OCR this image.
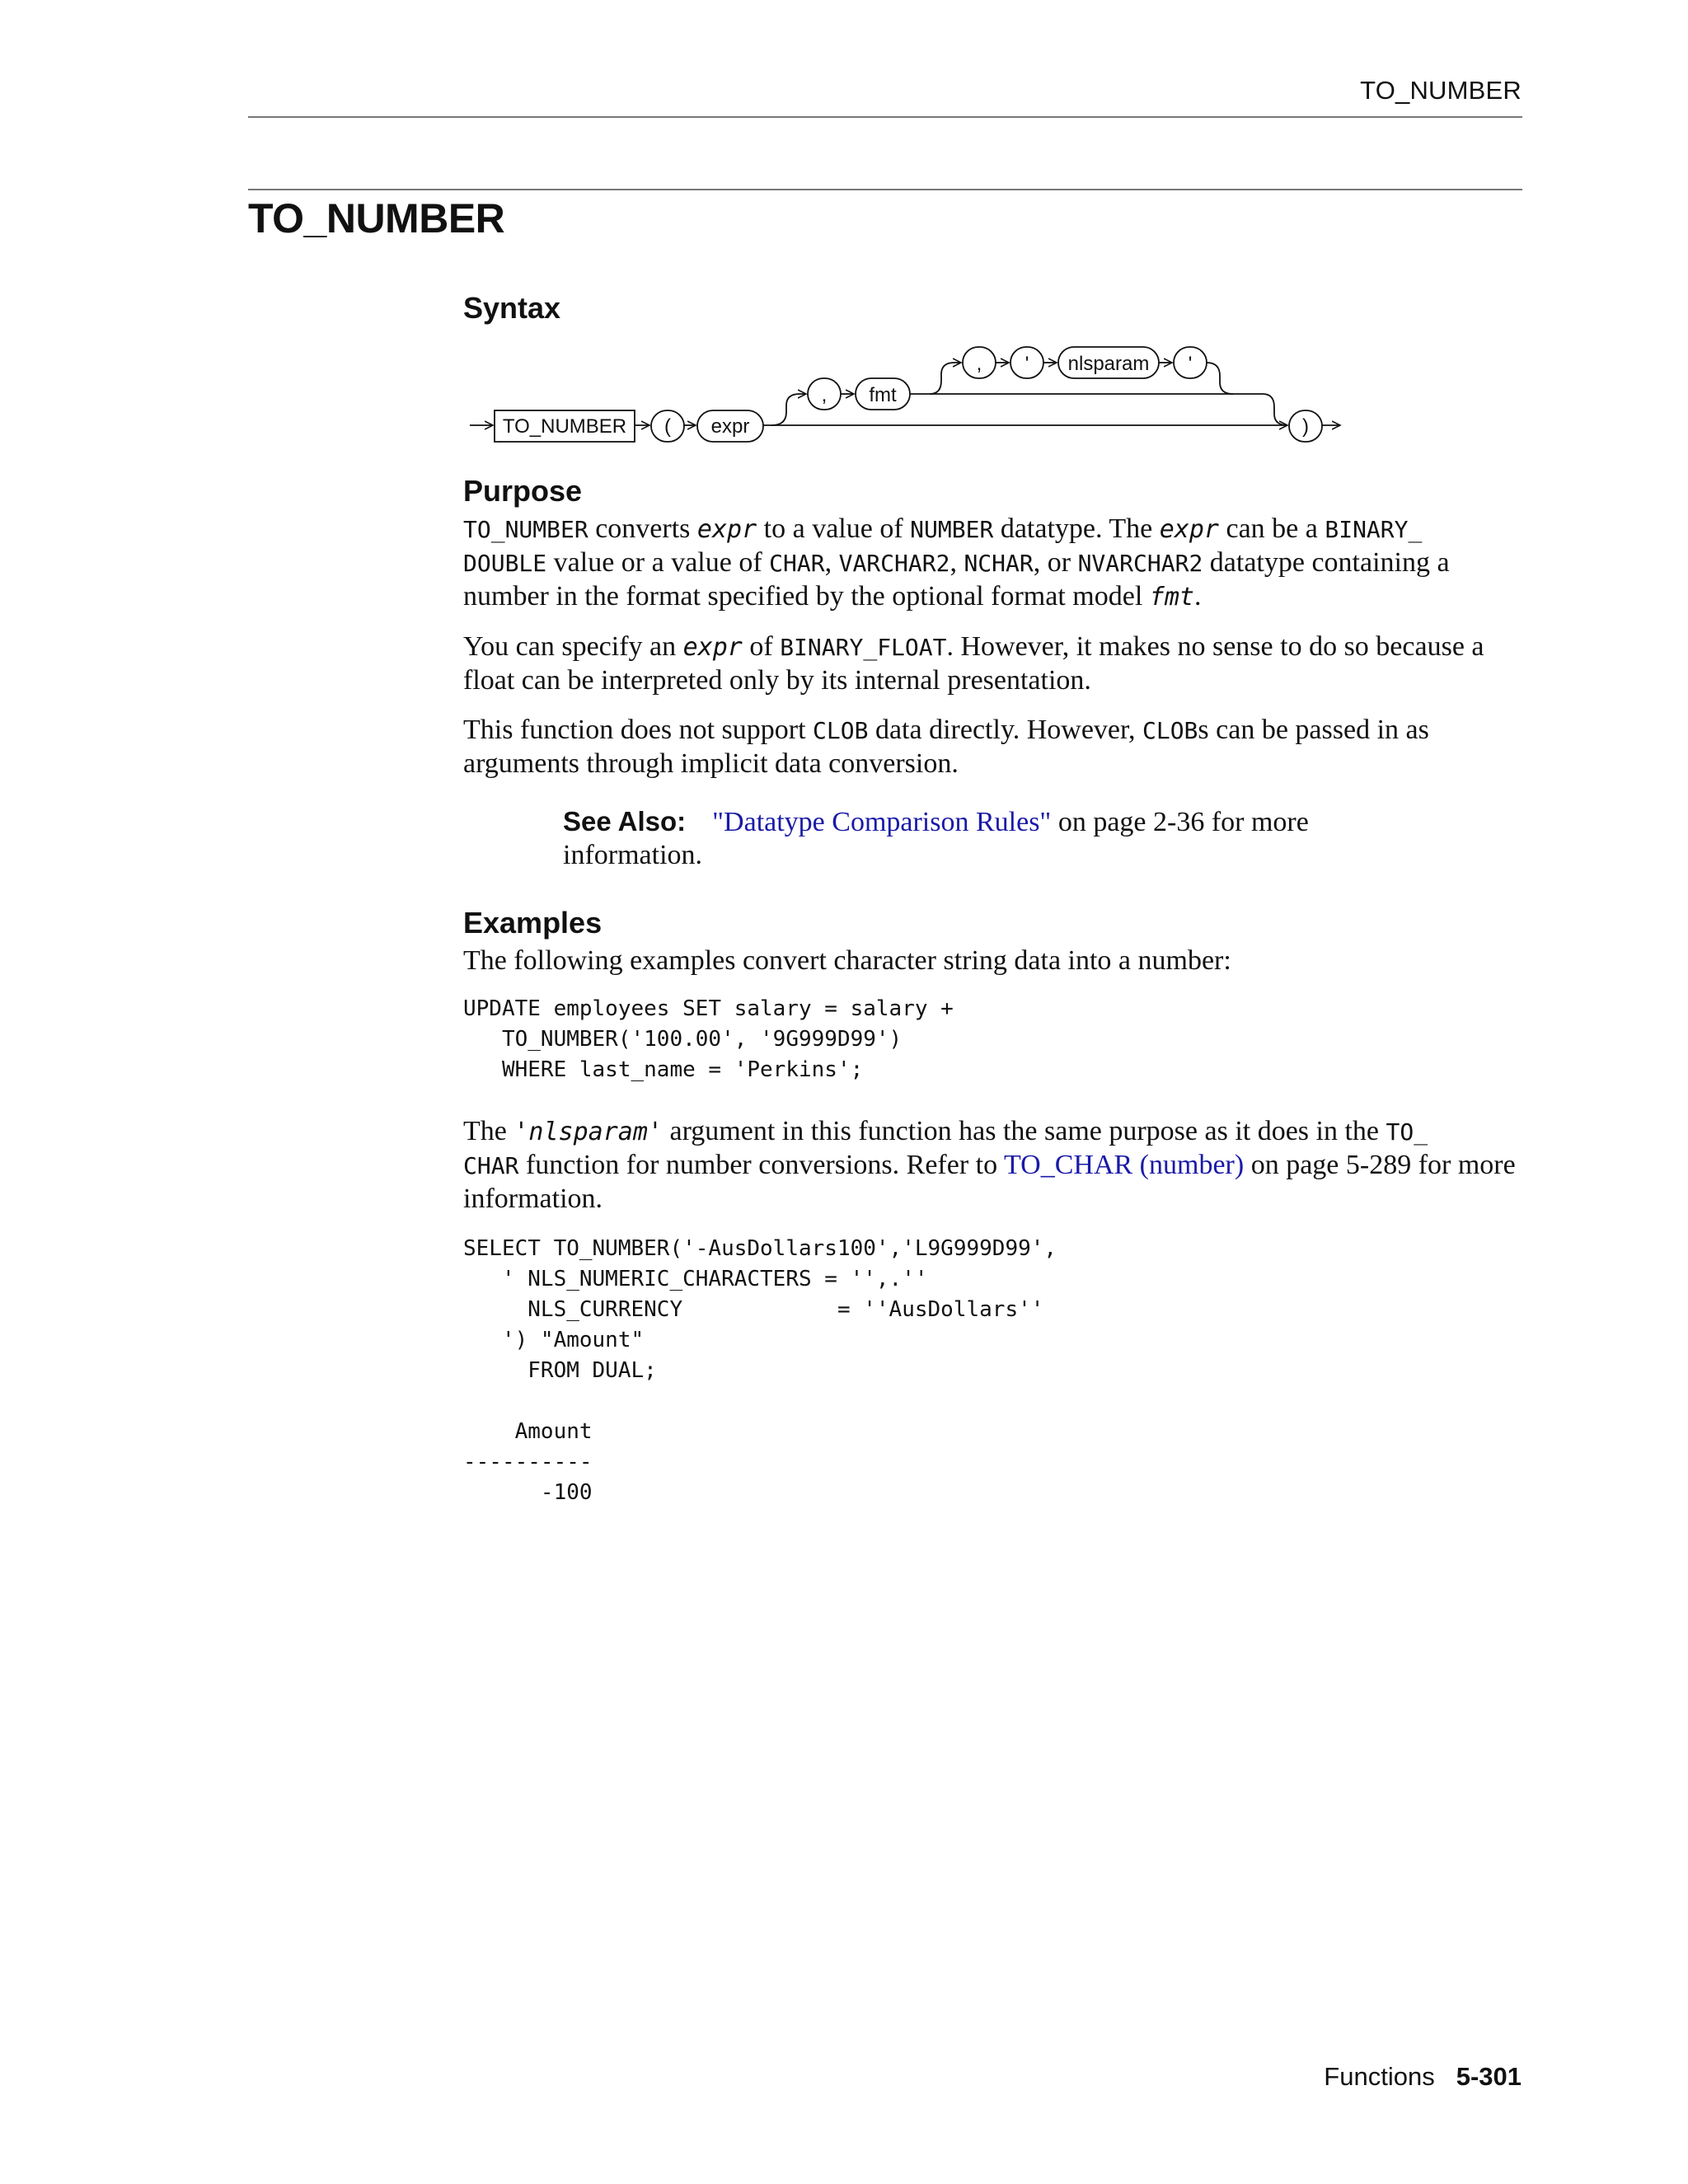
TO_NUMBER
TO_NUMBER
Syntax
TO_NUMBER ( expr
, fmt
, ' nlsparam '
)
Purpose

TO_NUMBER converts expr to a value of NUMBER datatype. The expr can be a BINARY_
DOUBLE value or a value of CHAR, VARCHAR2, NCHAR, or NVARCHAR2 datatype containing a number in the format specified by the optional format model fmt.

You can specify an expr of BINARY_FLOAT. However, it makes no sense to do so because a float can be interpreted only by its internal presentation.

This function does not support CLOB data directly. However, CLOBs can be passed in as arguments through implicit data conversion.

See Also: "Datatype Comparison Rules" on page 2-36 for more information.

Examples

The following examples convert character string data into a number:

UPDATE employees SET salary = salary +
TO_NUMBER('100.00', '9G999D99')
WHERE last_name = 'Perkins';

The 'nlsparam' argument in this function has the same purpose as it does in the TO_
CHAR function for number conversions. Refer to TO_CHAR (number) on page 5-289 for more information.

SELECT TO_NUMBER('-AusDollars100','L9G999D99',
' NLS_NUMERIC_CHARACTERS = '',.''
NLS_CURRENCY            = ''AusDollars''
') "Amount"
FROM DUAL;

Amount
----------
-100
Functions 5-301
